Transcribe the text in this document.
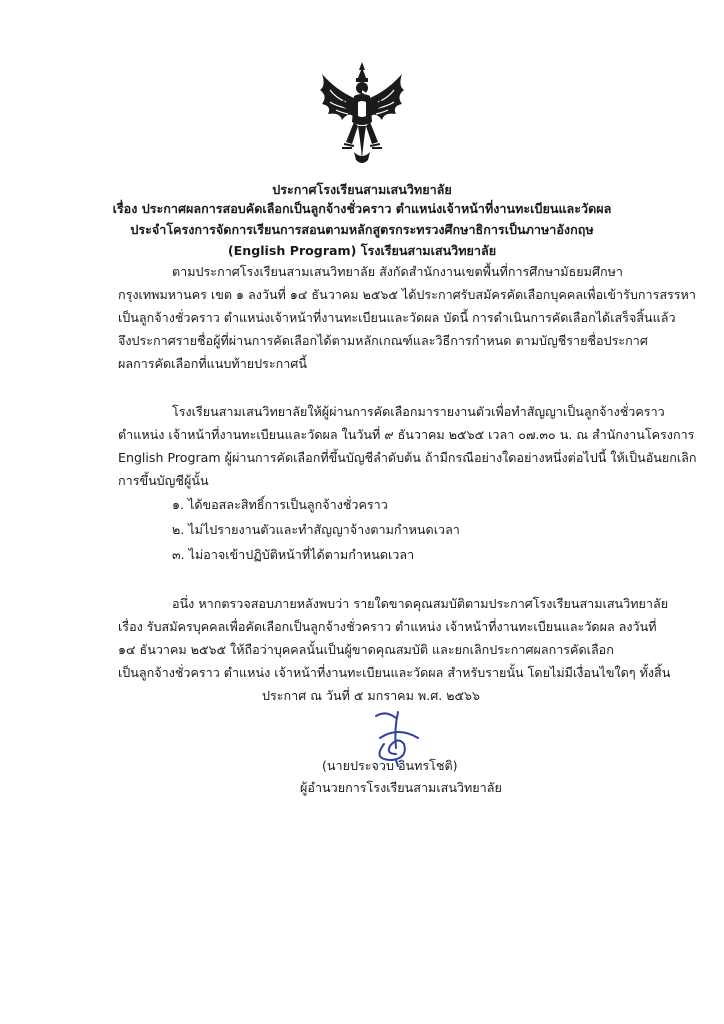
ประกาศโรงเรียนสามเสนวิทยาลัย
เรื่อง ประกาศผลการสอบคัดเลือกเป็นลูกจ้างชั่วคราว ตำแหน่งเจ้าหน้าที่งานทะเบียนและวัดผล
ประจำโครงการจัดการเรียนการสอนตามหลักสูตรกระทรวงศึกษาธิการเป็นภาษาอังกฤษ
(English Program) โรงเรียนสามเสนวิทยาลัย
ตามประกาศโรงเรียนสามเสนวิทยาลัย สังกัดสำนักงานเขตพื้นที่การศึกษามัธยมศึกษา
กรุงเทพมหานคร เขต ๑ ลงวันที่ ๑๔ ธันวาคม ๒๕๖๕ ได้ประกาศรับสมัครคัดเลือกบุคคลเพื่อเข้ารับการสรรหา
เป็นลูกจ้างชั่วคราว ตำแหน่งเจ้าหน้าที่งานทะเบียนและวัดผล บัดนี้ การดำเนินการคัดเลือกได้เสร็จสิ้นแล้ว
จึงประกาศรายชื่อผู้ที่ผ่านการคัดเลือกได้ตามหลักเกณฑ์และวิธีการกำหนด ตามบัญชีรายชื่อประกาศ
ผลการคัดเลือกที่แนบท้ายประกาศนี้
โรงเรียนสามเสนวิทยาลัยให้ผู้ผ่านการคัดเลือกมารายงานตัวเพื่อทำสัญญาเป็นลูกจ้างชั่วคราว
ตำแหน่ง เจ้าหน้าที่งานทะเบียนและวัดผล ในวันที่ ๙ ธันวาคม ๒๕๖๕ เวลา ๐๗.๓๐ น. ณ สำนักงานโครงการ
English Program ผู้ผ่านการคัดเลือกที่ขึ้นบัญชีลำดับต้น ถ้ามีกรณีอย่างใดอย่างหนึ่งต่อไปนี้ ให้เป็นอันยกเลิก
การขึ้นบัญชีผู้นั้น
๑. ได้ขอสละสิทธิ์การเป็นลูกจ้างชั่วคราว
๒. ไม่ไปรายงานตัวและทำสัญญาจ้างตามกำหนดเวลา
๓. ไม่อาจเข้าปฏิบัติหน้าที่ได้ตามกำหนดเวลา
อนึ่ง หากตรวจสอบภายหลังพบว่า รายใดขาดคุณสมบัติตามประกาศโรงเรียนสามเสนวิทยาลัย
เรื่อง รับสมัครบุคคลเพื่อคัดเลือกเป็นลูกจ้างชั่วคราว ตำแหน่ง เจ้าหน้าที่งานทะเบียนและวัดผล ลงวันที่
๑๔ ธันวาคม ๒๕๖๕ ให้ถือว่าบุคคลนั้นเป็นผู้ขาดคุณสมบัติ และยกเลิกประกาศผลการคัดเลือก
เป็นลูกจ้างชั่วคราว ตำแหน่ง เจ้าหน้าที่งานทะเบียนและวัดผล สำหรับรายนั้น โดยไม่มีเงื่อนไขใดๆ ทั้งสิ้น
ประกาศ ณ วันที่ ๕ มกราคม พ.ศ. ๒๕๖๖
(นายประจวบ อินทรโชติ)
ผู้อำนวยการโรงเรียนสามเสนวิทยาลัย
